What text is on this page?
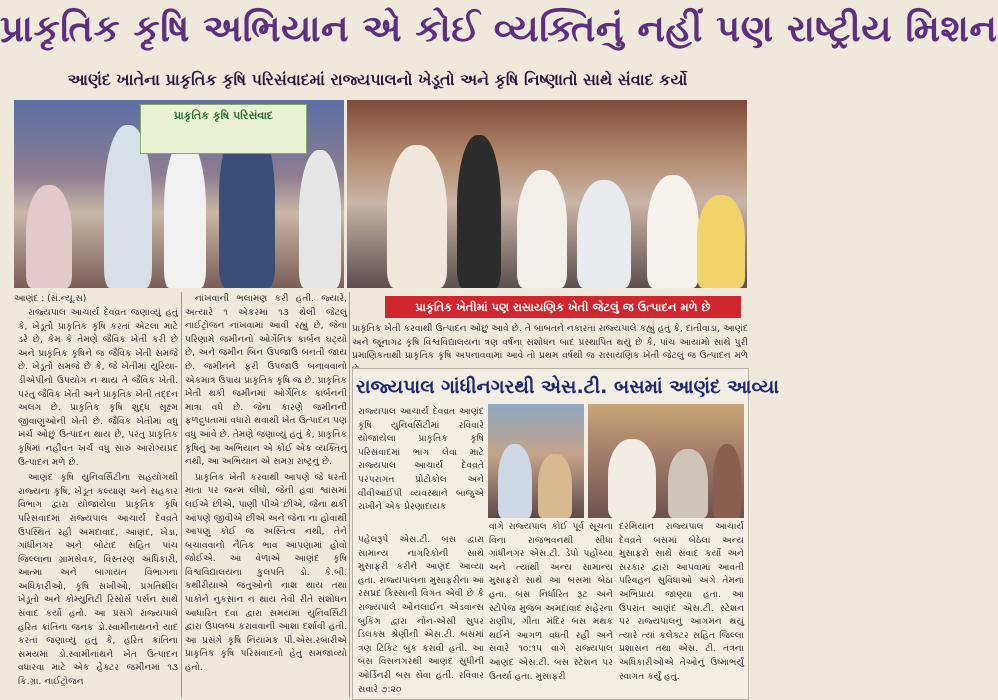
પ્રાકૃતિક કૃષિ અભિયાન એ કોઈ વ્યક્તિનું નહીં પણ રાષ્ટ્રીય મિશન
આણંદ ખાતેના પ્રાકૃતિક કૃષિ પરિસંવાદમાં રાજ્યપાલનો ખેડૂતો અને કૃષિ નિષ્ણાતો સાથે સંવાદ કર્યો
પ્રાકૃતિક કૃષિ પરિસંવાદ
આણંદ : (સં.ન્યૂ.સ)

રાજ્યપાલ આચાર્ય દેવવ્રત જણાવ્યું હતું કે, ખેડૂતો પ્રાકૃતિક કૃષિ કરતાં એટલા માટે ડરે છે, કેમ કે તેમણે જૈવિક ખેતી કરી છે અને પ્રાકૃતિક કૃષિને જ જૈવિક ખેતી સમજે છે. ખેડૂતો સમજે છે કે, જે ખેતીમાં યુરિયા-ડીએપીનો ઉપયોગ ન થાય તે જૈવિક ખેતી. પરંતુ જૈવિક ખેતી અને પ્રાકૃતિક ખેતી તદ્દન અલગ છે. પ્રાકૃતિક કૃષિ શુદ્ધ સૂક્ષ્મ જીવાણુઓની ખેતી છે. જૈવિક ખેતીમાં વધુ ખર્ચ ઓછું ઉત્પાદન થાય છે, પરંતુ પ્રાકૃતિક કૃષિમાં નહીંવત ખર્ચ વધુ સારું આરોગ્યપ્રદ ઉત્પાદન મળે છે.

આણંદ કૃષિ યુનિવર્સિટીના સહયોગથી રાજ્યના કૃષિ, ખેડૂત કલ્યાણ અને સહકાર વિભાગ દ્વારા યોજાયેલા પ્રાકૃતિક કૃષિ પરિસંવાદમાં રાજ્યપાલ આચાર્ય દેવવ્રતે ઉપસ્થિત રહી અમદાવાદ, આણંદ, ખેડા, ગાંધીનગર અને બોટાદ સહિત પાંચ જિલ્લાના ગ્રામસેવક, વિસ્તરણ અધિકારી, આત્મા અને બાગાયત વિભાગના અધિકારીઓ, કૃષિ સખીઓ, પ્રગતિશીલ ખેડૂતો અને કોમ્યુનિટી રિસોર્સ પર્સન સાથે સંવાદ કર્યો હતો. આ પ્રસંગે રાજ્યપાલે હરિત ક્રાંતિના જનક ડો.સ્વામીનાથનને યાદ કરતાં જણાવ્યું હતું કે, હરિત ક્રાંતિના સમયમાં ડો.સ્વામીનાથને ખેત ઉત્પાદન વધારવા માટે એક હેક્ટર જમીનમાં ૧૩ કિ.ગ્રા. નાઈટ્રોજન

નાંખવાની ભલામણ કરી હતી. જ્યારે, અત્યારે ૧ એકરમાં ૧૩ થેલી જેટલું નાઈટ્રોજન નાંખવામાં આવી રહ્યું છે, જેના પરિણામે જમીનનો ઓર્ગેનિક કાર્બન ઘટ્યો છે, અને જમીન બિન ઉપજાઉ બનતી જાય છે. જમીનને ફરી ઉપજાઉ બનાવવાનો એકમાત્ર ઉપાય પ્રાકૃતિક કૃષિ જ છે. પ્રાકૃતિક ખેતી થકી જમીનમાં ઓર્ગેનિક કાર્બનની માત્રા વધે છે. જેના કારણે જમીનની ફળદ્રુપતામાં વધારો થવાથી ખેત ઉત્પાદન પણ વધુ આવે છે. તેમણે જણાવ્યું હતું કે, પ્રાકૃતિક કૃષિનું આ અભિયાન એ કોઈ એક વ્યક્તિનું નથી, આ અભિયાન એ સમગ્ર રાષ્ટ્રનું છે.

પ્રાકૃતિક ખેતી કરવાથી આપણે જે ધરતી માતા પર જન્મ લીધો, જેની હવા શ્વાસમાં લઈએ છીએ, પાણી પીએ છીએ, જેના થકી આપણે જીવીએ છીએ અને જેના ના હોવાથી આપણું કોઈ જ અસ્તિત્વ નથી, તેને બચાવવાનો નૈતિક ભાવ આપણામાં હોવો જોઈએ. આ વેળાએ આણંદ કૃષિ વિશ્વવિદ્યાલયના કુલપતિ ડો. કે.બી. કથીરીયાએ જંતુઓનો નાશ થાય તથા પાકોને નુકસાન ન થાય તેવી રીતે સંશોધન આધારિત દવા દ્વારા સમયમાં યુનિવર્સિટી દ્વારા ઉપલબ્ધ કરાવવાની આશા દર્શાવી હતી. આ પ્રસંગે કૃષિ નિયામક પી.એસ.રબારીએ પ્રાકૃતિક કૃષિ પરિસંવાદનો હેતુ સમજાવ્યો હતો.

પ્રાકૃતિક ખેતીમાં પણ રાસાયણિક ખેતી જેટલું જ ઉત્પાદન મળે છે
પ્રાકૃતિક ખેતી કરવાથી ઉત્પાદન ઓછું આવે છે. તે બાબતને નકારતાં રાજ્યપાલે કહ્યું હતું કે, દાંતીવાડા, આણંદ અને જૂનાગઢ કૃષિ વિશ્વવિદ્યાલયના ત્રણ વર્ષના સંશોધન બાદ પ્રસ્થાપિત થયું છે કે, પાંચ આયામો સાથે પુરી પ્રમાણિકતાથી પ્રાકૃતિક કૃષિ અપનાવવામાં આવે તો પ્રથમ વર્ષથી જ રાસાયણિક ખેતી જેટલું જ ઉત્પાદન મળે
રાજ્યપાલ ગાંધીનગરથી એસ.ટી. બસમાં આણંદ આવ્યા
રાજ્યપાલ આચાર્ય દેવવ્રત આણંદ કૃષિ યુનિવર્સિટીમાં રવિવારે યોજાયેલા પ્રાકૃતિક કૃષિ પરિસંવાદમાં ભાગ લેવા માટે રાજ્યપાલ આચાર્ય દેવવ્રતે પરંપરાગત પ્રોટોકોલ અને વીવીઆઈપી વ્યવસ્થાને બાજુએ રાખીને એક પ્રેરણાદાયક
પહેલરૂપે એસ.ટી. બસ દ્વારા સામાન્ય નાગરિકોની સાથે મુસાફરી કરીને આણંદ આવ્યા હતા. રાજ્યપાલના મુસાફરીના આ રસપ્રદ કિસ્સાની વિગત એવી છે કે રાજ્યપાલે ઓનલાઈન એડવાન્સ બુકિંગ દ્વારા નોન-એસી સુપર ડિલક્સ શ્રેણીની એસ.ટી. બસમાં ત્રણ ટિકિટ બુક કરાવી હતી. આ બસ વિસનગરથી આણંદ સુધીની ઓર્ડિનરી બસ સેવા હતી. રવિવાર સવારે ૭:૨૦
વાગે રાજ્યપાલ કોઈ પૂર્વ સૂચના વિના રાજભવનથી સીધા ગાંધીનગર એસ.ટી. ડેપો પહોંચ્યા અને ત્યાંથી અન્ય સામાન્ય મુસાફરો સાથે આ બસમાં બેઠા હતા. બસ નિર્ધારિત રૂટ અને સ્ટોપેજ મુજબ અમદાવાદ સહેરના રાણીપ, ગીતા મંદિર બસ મથક થઈને આગળ વધતી રહી અને સવારે ૧૦:૧૫ વાગે રાજ્યપાલ આણંદ એસ.ટી. બસ સ્ટેશન પર ઉતર્યા હતા. મુસાફરી
દરમિયાન રાજ્યપાલ આચાર્ય દેવવ્રતે બસમાં બેઠેલા અન્ય મુસાફરો સાથે સંવાદ કર્યો અને સરકાર દ્વારા આપવામાં આવતી પરિવહન સુવિધાઓ અંગે તેમના અભિપ્રાય જાણ્યા હતા. આ ઉપરાંત આણંદ એસ.ટી. સ્ટેશન પર રાજ્યપાલનું આગમન થયું ત્યારે ત્યાં કલેક્ટર સહિત જિલ્લા પ્રશાસન તથા એસ. ટી. તંત્રના અધિકારીઓએ તેઓનું ઉષ્માભર્યું સ્વાગત કર્યું હતું.
